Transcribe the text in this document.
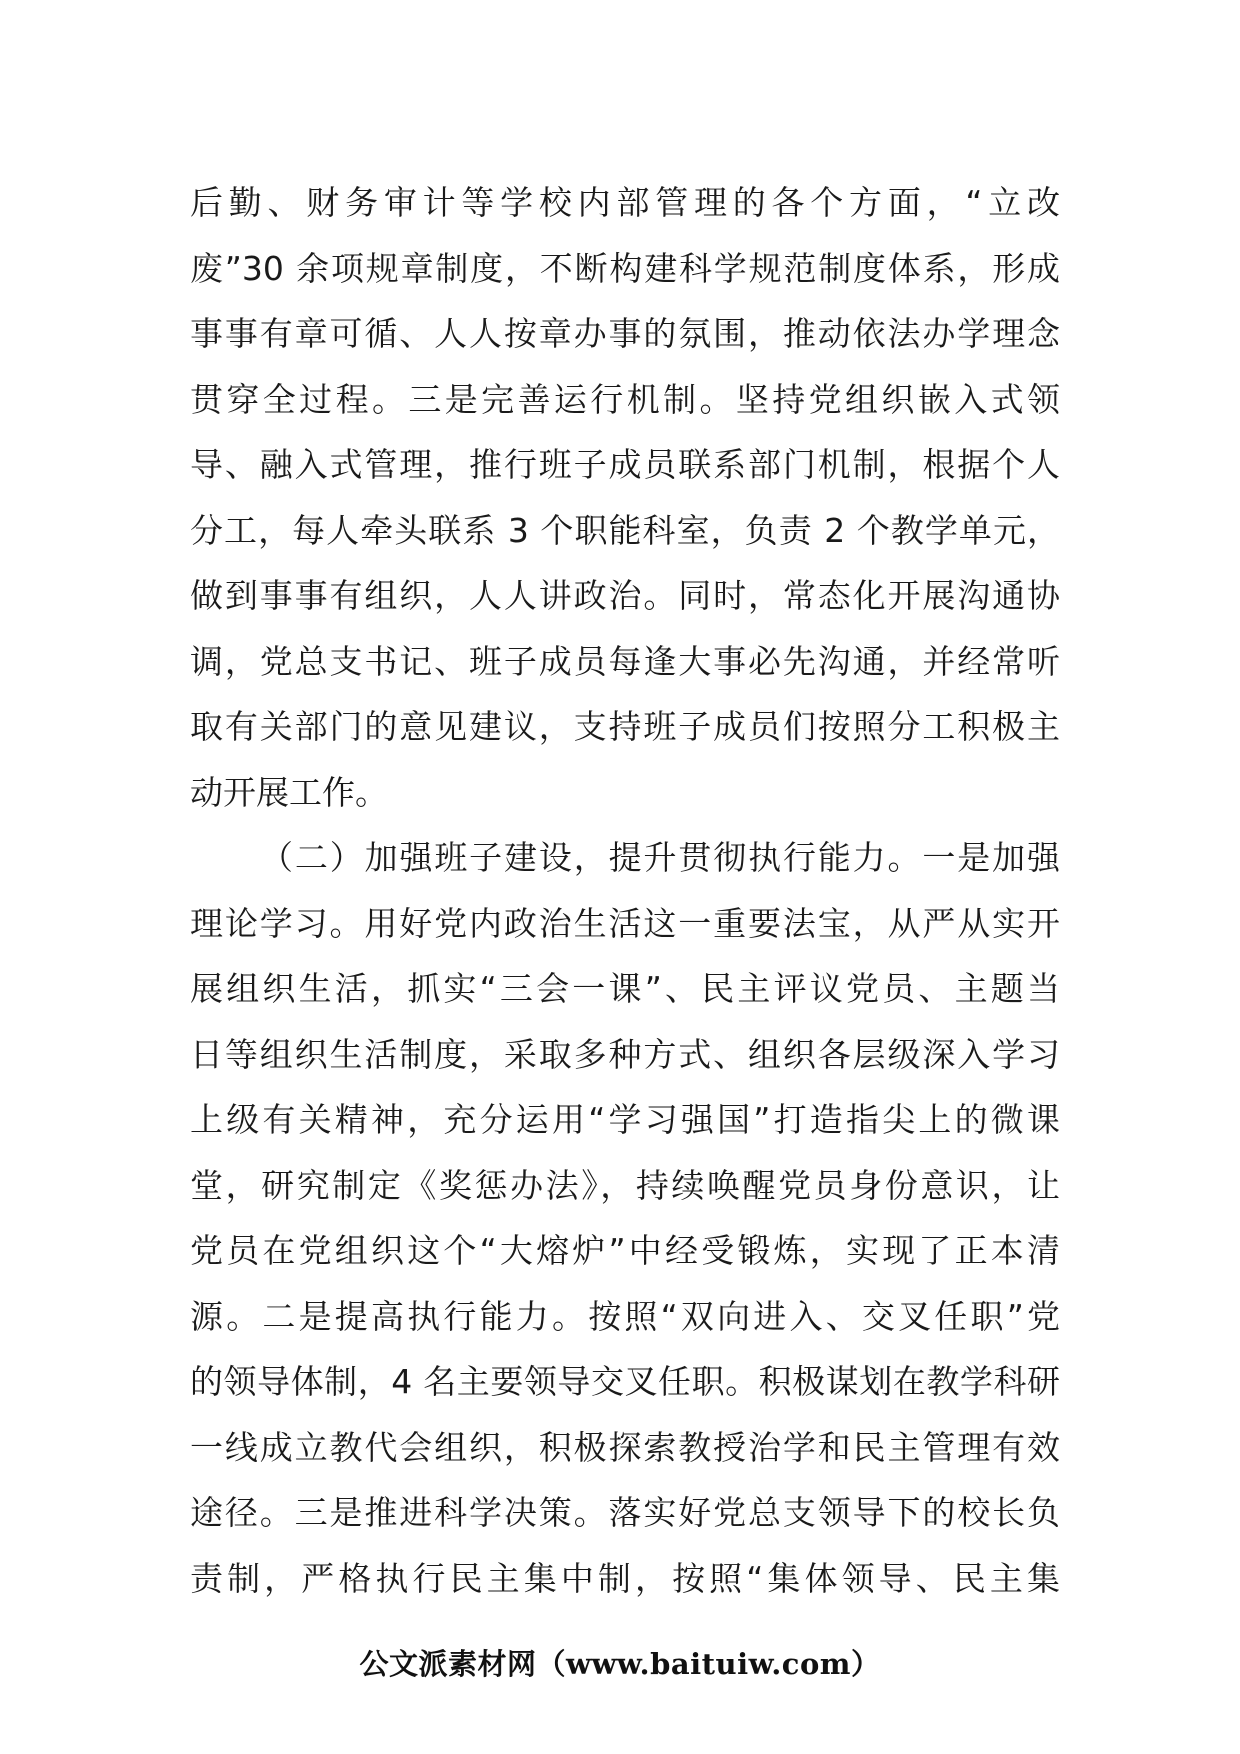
后勤、财务审计等学校内部管理的各个方面，“立改
废”30 余项规章制度，不断构建科学规范制度体系，形成
事事有章可循、人人按章办事的氛围，推动依法办学理念
贯穿全过程。三是完善运行机制。坚持党组织嵌入式领
导、融入式管理，推行班子成员联系部门机制，根据个人
分工，每人牵头联系 3 个职能科室，负责 2 个教学单元，
做到事事有组织，人人讲政治。同时，常态化开展沟通协
调，党总支书记、班子成员每逢大事必先沟通，并经常听
取有关部门的意见建议，支持班子成员们按照分工积极主
动开展工作。
（二）加强班子建设，提升贯彻执行能力。一是加强
理论学习。用好党内政治生活这一重要法宝，从严从实开
展组织生活，抓实“三会一课”、民主评议党员、主题当
日等组织生活制度，采取多种方式、组织各层级深入学习
上级有关精神，充分运用“学习强国”打造指尖上的微课
堂，研究制定《奖惩办法》，持续唤醒党员身份意识，让
党员在党组织这个“大熔炉”中经受锻炼，实现了正本清
源。二是提高执行能力。按照“双向进入、交叉任职”党
的领导体制，4 名主要领导交叉任职。积极谋划在教学科研
一线成立教代会组织，积极探索教授治学和民主管理有效
途径。三是推进科学决策。落实好党总支领导下的校长负
责制，严格执行民主集中制，按照“集体领导、民主集
公文派素材网（www.baituiw.com）
